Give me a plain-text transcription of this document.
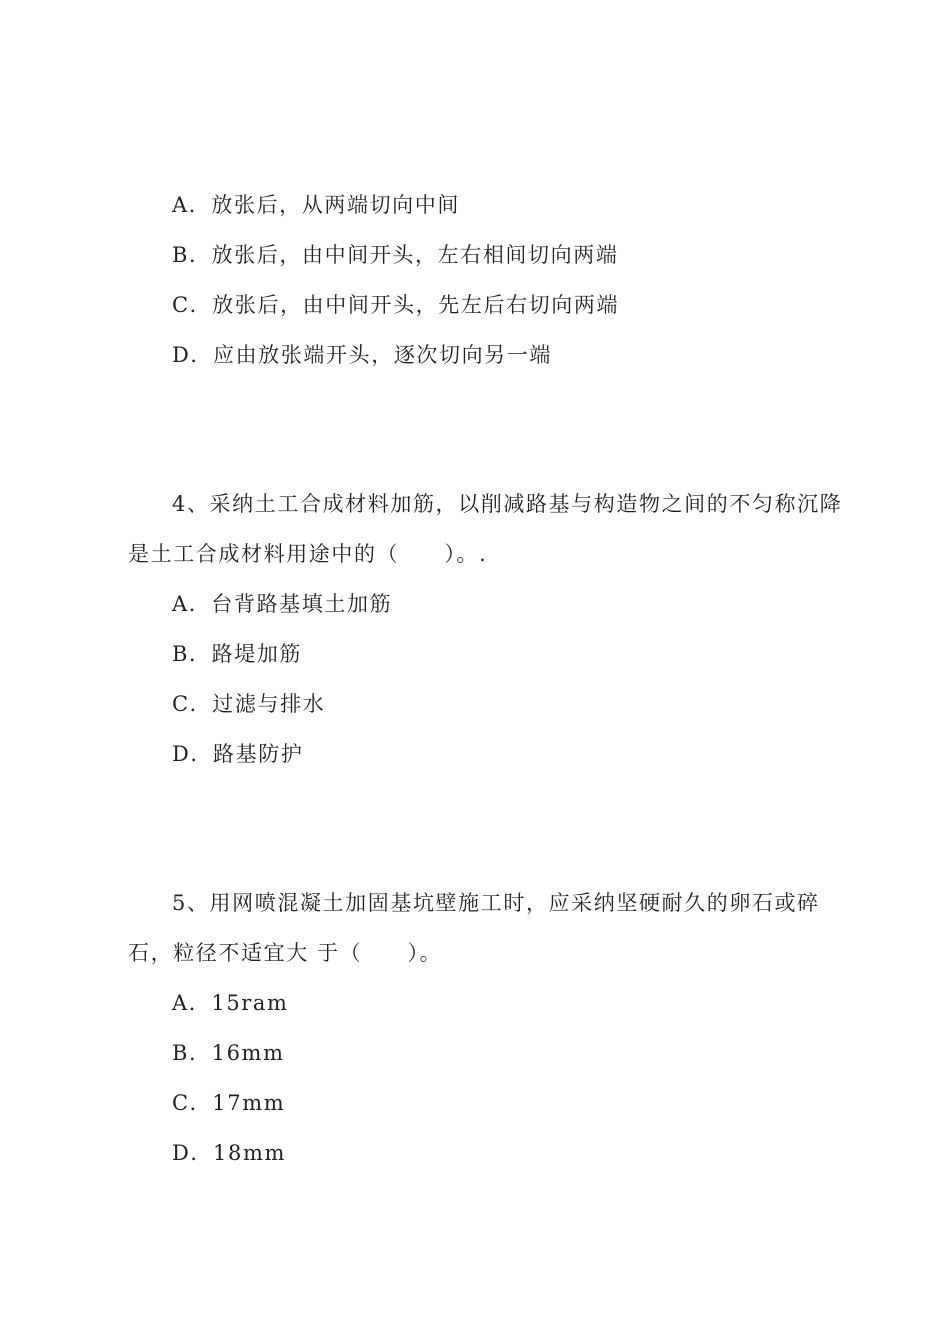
A．放张后，从两端切向中间
B．放张后，由中间开头，左右相间切向两端
C．放张后，由中间开头，先左后右切向两端
D．应由放张端开头，逐次切向另一端
4、采纳土工合成材料加筋，以削减路基与构造物之间的不匀称沉降
是土工合成材料用途中的（　　）。.
A．台背路基填土加筋
B．路堤加筋
C．过滤与排水
D．路基防护
5、用网喷混凝土加固基坑壁施工时，应采纳坚硬耐久的卵石或碎
石，粒径不适宜大 于（　　）。
A．15ram
B．16mm
C．17mm
D．18mm
